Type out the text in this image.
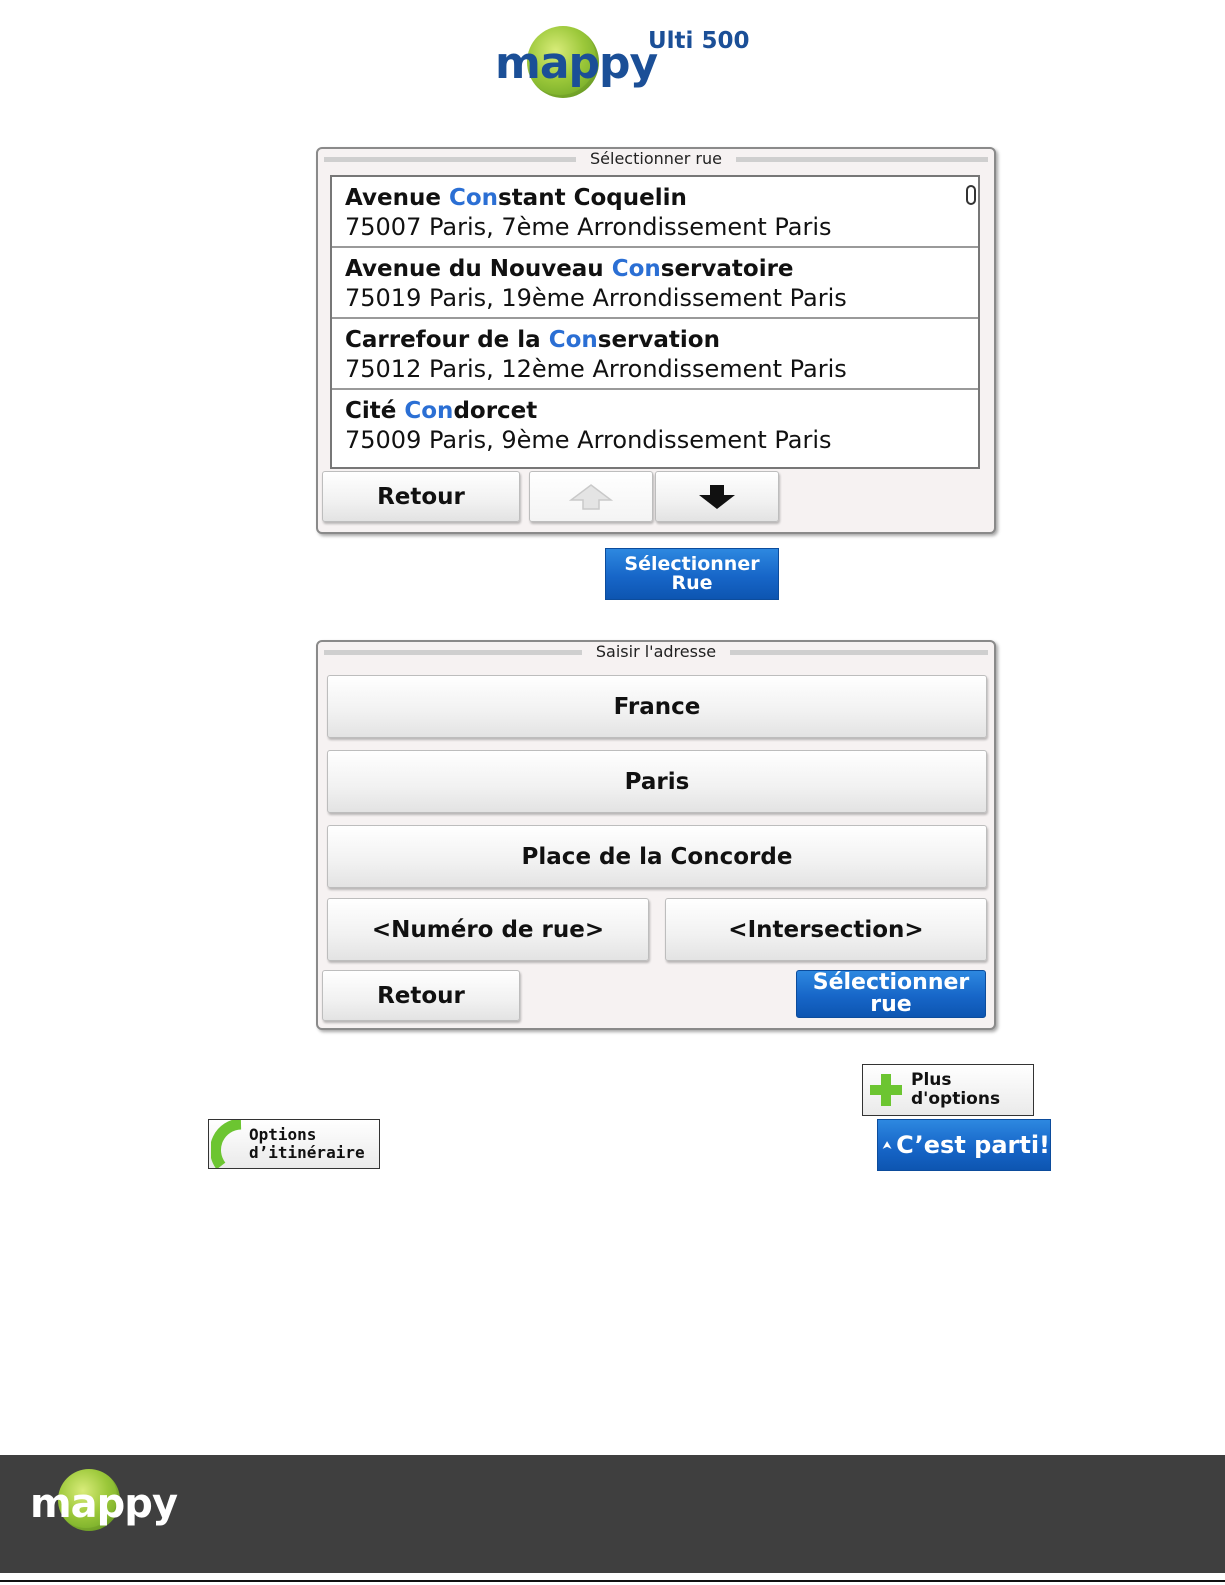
mappy
Ulti 500
Sélectionner rue
Avenue Constant Coquelin
75007 Paris, 7ème Arrondissement Paris
Avenue du Nouveau Conservatoire
75019 Paris, 19ème Arrondissement Paris
Carrefour de la Conservation
75012 Paris, 12ème Arrondissement Paris
Cité Condorcet
75009 Paris, 9ème Arrondissement Paris
Retour
Sélectionner
Rue
Saisir l'adresse
France
Paris
Place de la Concorde
<Numéro de rue>	<Intersection>
Retour	Sélectionner
rue
Plus
d'options
Options
d’itinéraire	C’est parti!
mappy
